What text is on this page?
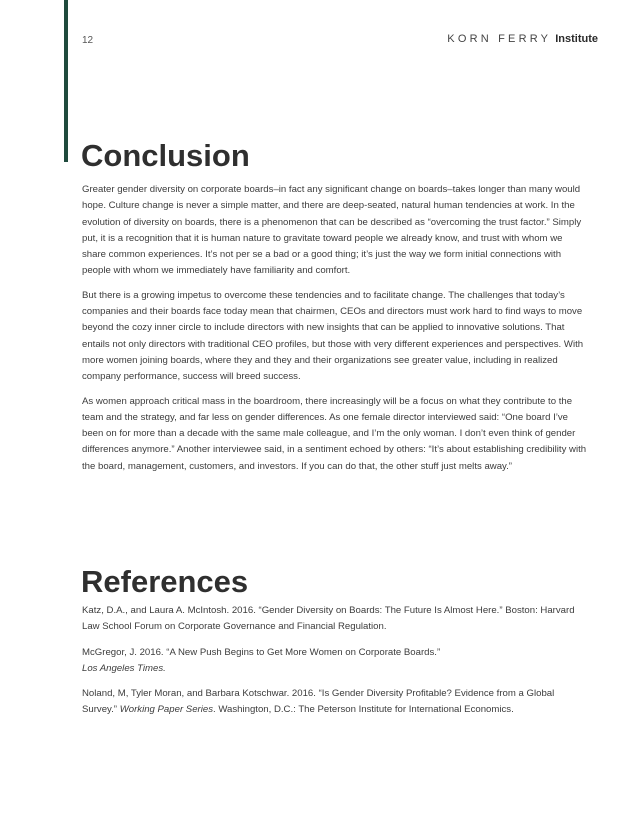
12	KORN FERRY Institute
Conclusion

Greater gender diversity on corporate boards–in fact any significant change on boards–takes longer than many would hope. Culture change is never a simple matter, and there are deep-seated, natural human tendencies at work. In the evolution of diversity on boards, there is a phenomenon that can be described as “overcoming the trust factor.” Simply put, it is a recognition that it is human nature to gravitate toward people we already know, and trust with whom we share common experiences. It’s not per se a bad or a good thing; it’s just the way we form initial connections with people with whom we immediately have familiarity and comfort.

But there is a growing impetus to overcome these tendencies and to facilitate change. The challenges that today’s companies and their boards face today mean that chairmen, CEOs and directors must work hard to find ways to move beyond the cozy inner circle to include directors with new insights that can be applied to innovative solutions. That entails not only directors with traditional CEO profiles, but those with very different experiences and perspectives. With more women joining boards, where they and they and their organizations see greater value, including in realized company performance, success will breed success.

As women approach critical mass in the boardroom, there increasingly will be a focus on what they contribute to the team and the strategy, and far less on gender differences. As one female director interviewed said: “One board I’ve been on for more than a decade with the same male colleague, and I’m the only woman. I don’t even think of gender differences anymore.” Another interviewee said, in a sentiment echoed by others: “It’s about establishing credibility with the board, management, customers, and investors. If you can do that, the other stuff just melts away.”

References

Katz, D.A., and Laura A. McIntosh. 2016. “Gender Diversity on Boards: The Future Is Almost Here.” Boston: Harvard Law School Forum on Corporate Governance and Financial Regulation.

McGregor, J. 2016. “A New Push Begins to Get More Women on Corporate Boards.”
Los Angeles Times.

Noland, M, Tyler Moran, and Barbara Kotschwar. 2016. “Is Gender Diversity Profitable? Evidence from a Global Survey.” Working Paper Series. Washington, D.C.: The Peterson Institute for International Economics.
